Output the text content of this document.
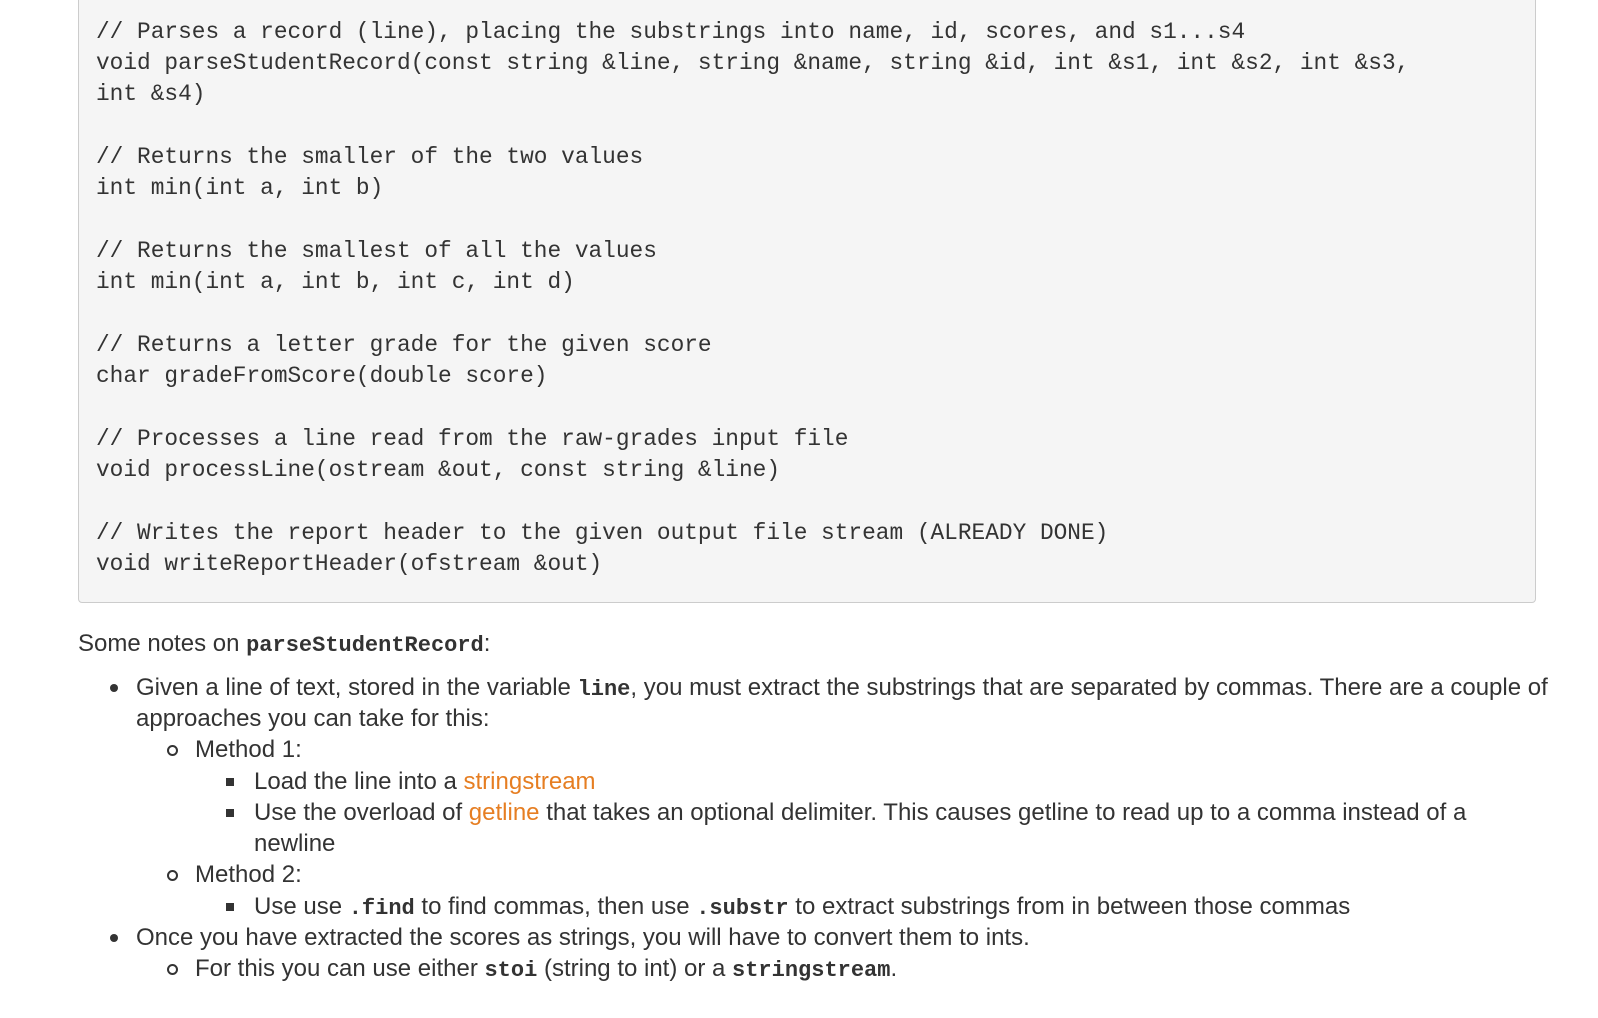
// Parses a record (line), placing the substrings into name, id, scores, and s1...s4
void parseStudentRecord(const string &line, string &name, string &id, int &s1, int &s2, int &s3,
int &s4)
// Returns the smaller of the two values
int min(int a, int b)
// Returns the smallest of all the values
int min(int a, int b, int c, int d)
// Returns a letter grade for the given score
char gradeFromScore(double score)
// Processes a line read from the raw-grades input file
void processLine(ostream &out, const string &line)
// Writes the report header to the given output file stream (ALREADY DONE)
void writeReportHeader(ofstream &out)
Some notes on parseStudentRecord:
Given a line of text, stored in the variable line, you must extract the substrings that are separated by commas. There are a couple of
approaches you can take for this:
Method 1:
Load the line into a stringstream
Use the overload of getline that takes an optional delimiter. This causes getline to read up to a comma instead of a
newline
Method 2:
Use use .find to find commas, then use .substr to extract substrings from in between those commas
Once you have extracted the scores as strings, you will have to convert them to ints.
For this you can use either stoi (string to int) or a stringstream.
